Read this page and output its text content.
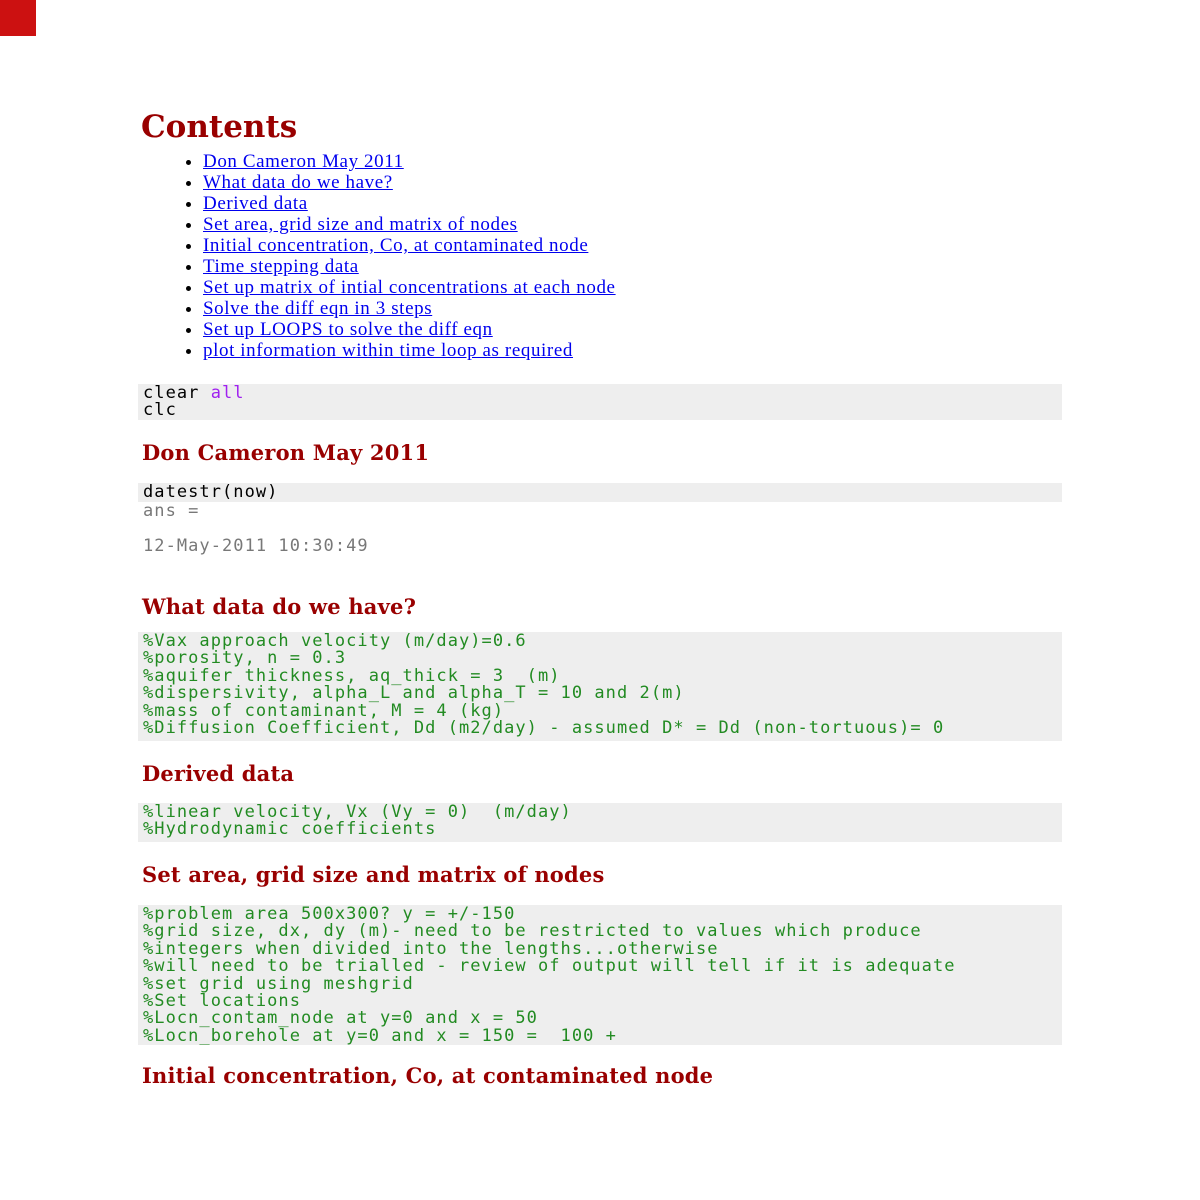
Contents
• Don Cameron May 2011
• What data do we have?
• Derived data
• Set area, grid size and matrix of nodes
• Initial concentration, Co, at contaminated node
• Time stepping data
• Set up matrix of intial concentrations at each node
• Solve the diff eqn in 3 steps
• Set up LOOPS to solve the diff eqn
• plot information within time loop as required
clear all
clc
Don Cameron May 2011
datestr(now)
ans =
12-May-2011 10:30:49
What data do we have?
%Vax approach velocity (m/day)=0.6
%porosity, n = 0.3
%aquifer thickness, aq_thick = 3  (m)
%dispersivity, alpha_L and alpha_T = 10 and 2(m)
%mass of contaminant, M = 4 (kg)
%Diffusion Coefficient, Dd (m2/day) - assumed D* = Dd (non-tortuous)= 0
Derived data
%linear velocity, Vx (Vy = 0)  (m/day)
%Hydrodynamic coefficients
Set area, grid size and matrix of nodes
%problem area 500x300? y = +/-150
%grid size, dx, dy (m)- need to be restricted to values which produce
%integers when divided into the lengths...otherwise
%will need to be trialled - review of output will tell if it is adequate
%set grid using meshgrid
%Set locations
%Locn_contam_node at y=0 and x = 50
%Locn_borehole at y=0 and x = 150 =  100 +
Initial concentration, Co, at contaminated node
